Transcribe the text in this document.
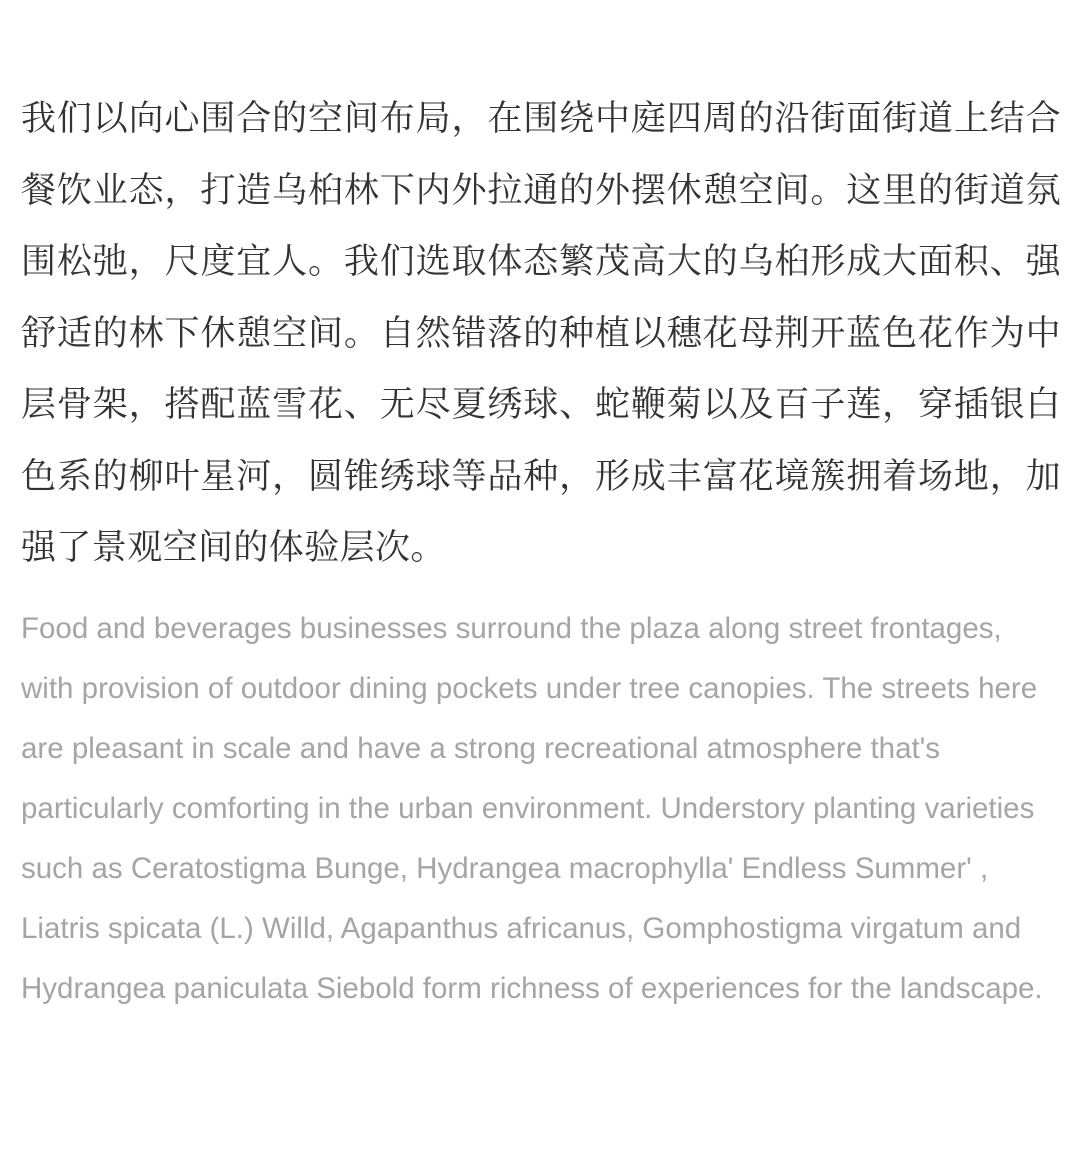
我们以向心围合的空间布局，在围绕中庭四周的沿街面街道上结合餐饮业态，打造乌桕林下内外拉通的外摆休憩空间。这里的街道氛围松弛，尺度宜人。我们选取体态繁茂高大的乌桕形成大面积、强舒适的林下休憩空间。自然错落的种植以穗花母荆开蓝色花作为中层骨架，搭配蓝雪花、无尽夏绣球、蛇鞭菊以及百子莲，穿插银白色系的柳叶星河，圆锥绣球等品种，形成丰富花境簇拥着场地，加强了景观空间的体验层次。

Food and beverages businesses surround the plaza along street frontages, with provision of outdoor dining pockets under tree canopies. The streets here are pleasant in scale and have a strong recreational atmosphere that's particularly comforting in the urban environment. Understory planting varieties such as Ceratostigma Bunge, Hydrangea macrophylla' Endless Summer' , Liatris spicata (L.) Willd, Agapanthus africanus, Gomphostigma virgatum and Hydrangea paniculata Siebold form richness of experiences for the landscape.
